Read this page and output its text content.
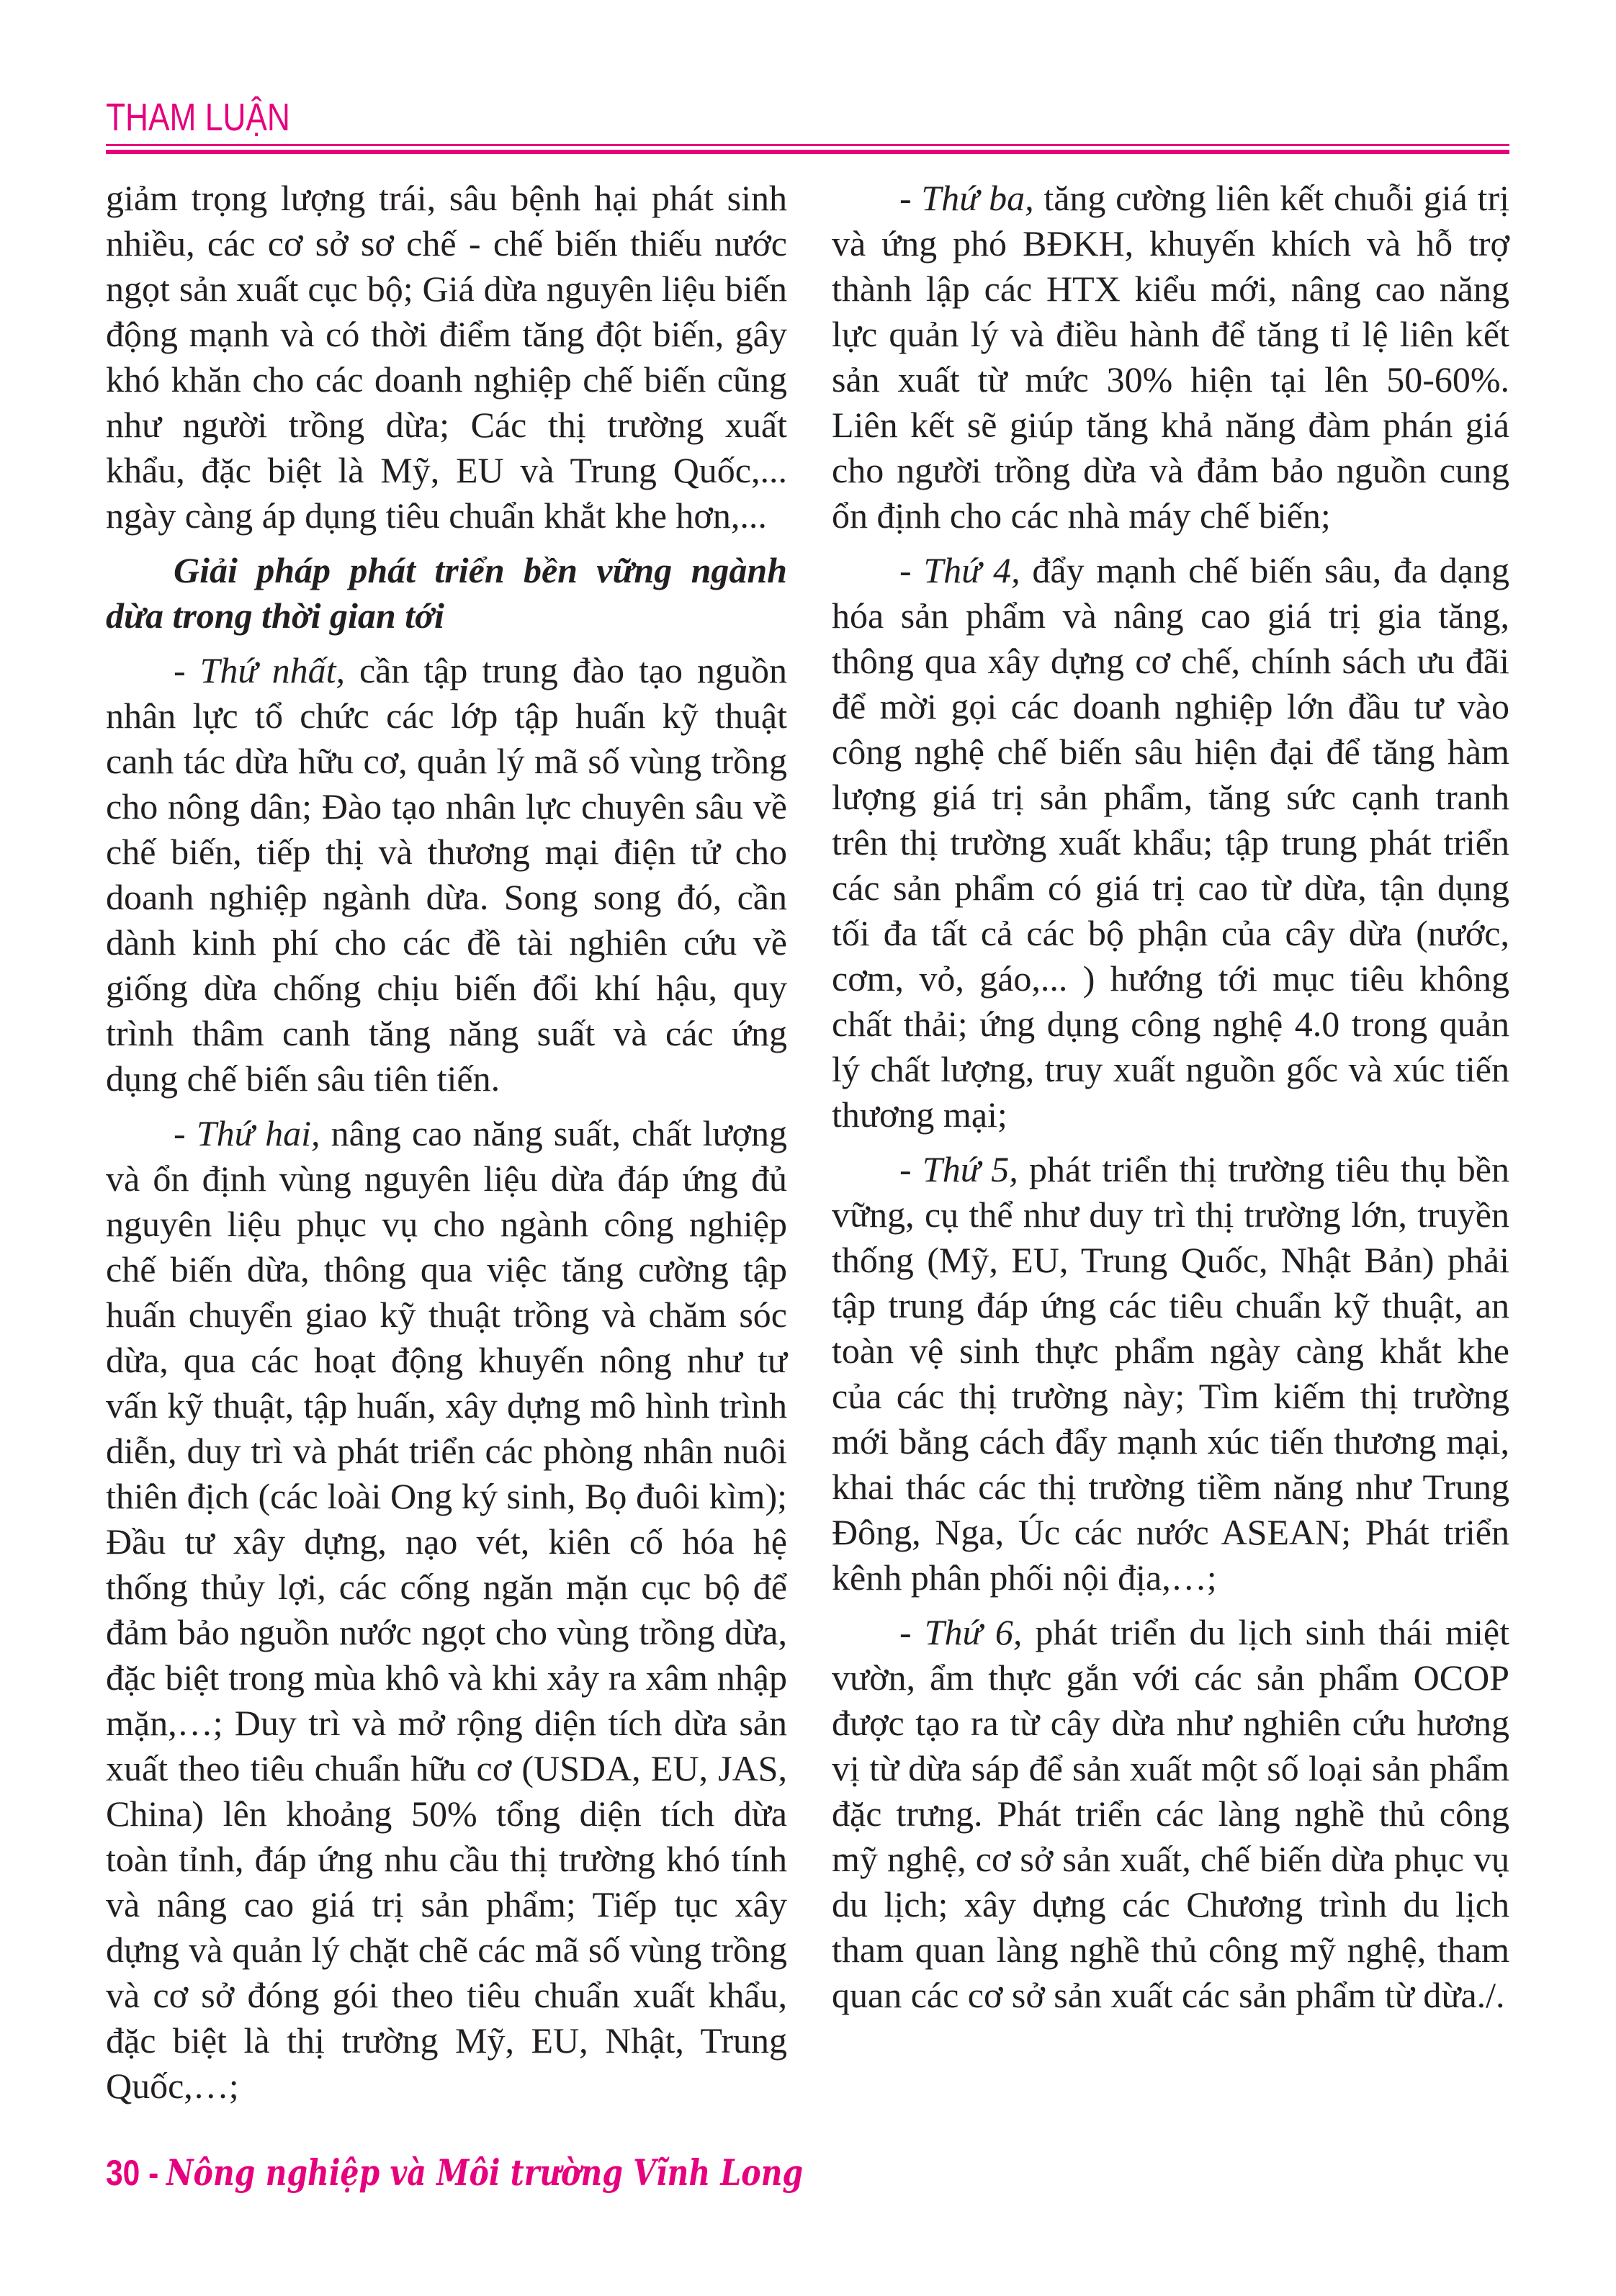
THAM LUẬN

giảm trọng lượng trái, sâu bệnh hại phát sinh nhiều, các cơ sở sơ chế - chế biến thiếu nước ngọt sản xuất cục bộ; Giá dừa nguyên liệu biến động mạnh và có thời điểm tăng đột biến, gây khó khăn cho các doanh nghiệp chế biến cũng như người trồng dừa; Các thị trường xuất khẩu, đặc biệt là Mỹ, EU và Trung Quốc,... ngày càng áp dụng tiêu chuẩn khắt khe hơn,...

Giải pháp phát triển bền vững ngành dừa trong thời gian tới

- Thứ nhất, cần tập trung đào tạo nguồn nhân lực tổ chức các lớp tập huấn kỹ thuật canh tác dừa hữu cơ, quản lý mã số vùng trồng cho nông dân; Đào tạo nhân lực chuyên sâu về chế biến, tiếp thị và thương mại điện tử cho doanh nghiệp ngành dừa. Song song đó, cần dành kinh phí cho các đề tài nghiên cứu về giống dừa chống chịu biến đổi khí hậu, quy trình thâm canh tăng năng suất và các ứng dụng chế biến sâu tiên tiến.

- Thứ hai, nâng cao năng suất, chất lượng và ổn định vùng nguyên liệu dừa đáp ứng đủ nguyên liệu phục vụ cho ngành công nghiệp chế biến dừa, thông qua việc tăng cường tập huấn chuyển giao kỹ thuật trồng và chăm sóc dừa, qua các hoạt động khuyến nông như tư vấn kỹ thuật, tập huấn, xây dựng mô hình trình diễn, duy trì và phát triển các phòng nhân nuôi thiên địch (các loài Ong ký sinh, Bọ đuôi kìm); Đầu tư xây dựng, nạo vét, kiên cố hóa hệ thống thủy lợi, các cống ngăn mặn cục bộ để đảm bảo nguồn nước ngọt cho vùng trồng dừa, đặc biệt trong mùa khô và khi xảy ra xâm nhập mặn,…; Duy trì và mở rộng diện tích dừa sản xuất theo tiêu chuẩn hữu cơ (USDA, EU, JAS, China) lên khoảng 50% tổng diện tích dừa toàn tỉnh, đáp ứng nhu cầu thị trường khó tính và nâng cao giá trị sản phẩm; Tiếp tục xây dựng và quản lý chặt chẽ các mã số vùng trồng và cơ sở đóng gói theo tiêu chuẩn xuất khẩu, đặc biệt là thị trường Mỹ, EU, Nhật, Trung Quốc,…;

- Thứ ba, tăng cường liên kết chuỗi giá trị và ứng phó BĐKH, khuyến khích và hỗ trợ thành lập các HTX kiểu mới, nâng cao năng lực quản lý và điều hành để tăng tỉ lệ liên kết sản xuất từ mức 30% hiện tại lên 50-60%. Liên kết sẽ giúp tăng khả năng đàm phán giá cho người trồng dừa và đảm bảo nguồn cung ổn định cho các nhà máy chế biến;

- Thứ 4, đẩy mạnh chế biến sâu, đa dạng hóa sản phẩm và nâng cao giá trị gia tăng, thông qua xây dựng cơ chế, chính sách ưu đãi để mời gọi các doanh nghiệp lớn đầu tư vào công nghệ chế biến sâu hiện đại để tăng hàm lượng giá trị sản phẩm, tăng sức cạnh tranh trên thị trường xuất khẩu; tập trung phát triển các sản phẩm có giá trị cao từ dừa, tận dụng tối đa tất cả các bộ phận của cây dừa (nước, cơm, vỏ, gáo,... ) hướng tới mục tiêu không chất thải; ứng dụng công nghệ 4.0 trong quản lý chất lượng, truy xuất nguồn gốc và xúc tiến thương mại;

- Thứ 5, phát triển thị trường tiêu thụ bền vững, cụ thể như duy trì thị trường lớn, truyền thống (Mỹ, EU, Trung Quốc, Nhật Bản) phải tập trung đáp ứng các tiêu chuẩn kỹ thuật, an toàn vệ sinh thực phẩm ngày càng khắt khe của các thị trường này; Tìm kiếm thị trường mới bằng cách đẩy mạnh xúc tiến thương mại, khai thác các thị trường tiềm năng như Trung Đông, Nga, Úc các nước ASEAN; Phát triển kênh phân phối nội địa,…;

- Thứ 6, phát triển du lịch sinh thái miệt vườn, ẩm thực gắn với các sản phẩm OCOP được tạo ra từ cây dừa như nghiên cứu hương vị từ dừa sáp để sản xuất một số loại sản phẩm đặc trưng. Phát triển các làng nghề thủ công mỹ nghệ, cơ sở sản xuất, chế biến dừa phục vụ du lịch; xây dựng các Chương trình du lịch tham quan làng nghề thủ công mỹ nghệ, tham quan các cơ sở sản xuất các sản phẩm từ dừa./.

30 - Nông nghiệp và Môi trường Vĩnh Long
